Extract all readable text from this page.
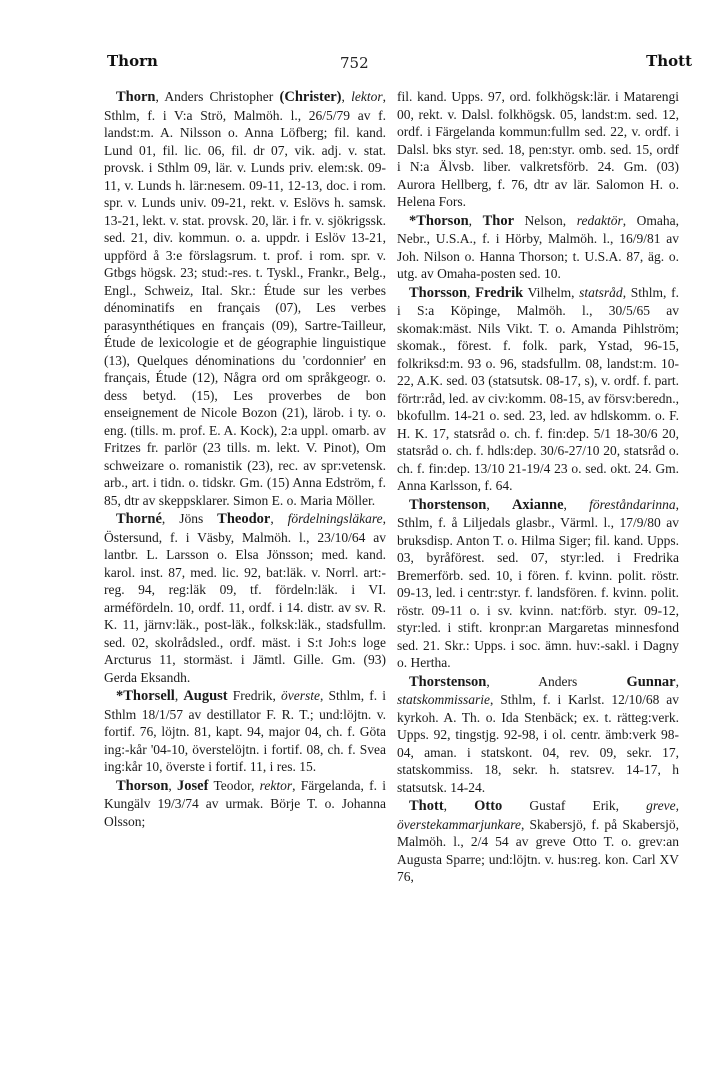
Thorn	752	Thott

Thorn, Anders Christopher (Christer), lektor, Sthlm, f. i V:a Strö, Malmöh. l., 26/5/79 av f. landst:m. A. Nilsson o. Anna Löfberg; fil. kand. Lund 01, fil. lic. 06, fil. dr 07, vik. adj. v. stat. provsk. i Sthlm 09, lär. v. Lunds priv. elem:sk. 09-11, v. Lunds h. lär:nesem. 09-11, 12-13, doc. i rom. spr. v. Lunds univ. 09-21, rekt. v. Eslövs h. samsk. 13-21, lekt. v. stat. provsk. 20, lär. i fr. v. sjökrigssk. sed. 21, div. kommun. o. a. uppdr. i Eslöv 13-21, uppförd å 3:e förslagsrum. t. prof. i rom. spr. v. Gtbgs högsk. 23; stud:-res. t. Tyskl., Frankr., Belg., Engl., Schweiz, Ital. Skr.: Étude sur les verbes dénominatifs en français (07), Les verbes parasynthétiques en français (09), Sartre-Tailleur, Étude de lexicologie et de géographie linguistique (13), Quelques dénominations du 'cordonnier' en français, Étude (12), Några ord om språkgeogr. o. dess betyd. (15), Les proverbes de bon enseignement de Nicole Bozon (21), lärob. i ty. o. eng. (tills. m. prof. E. A. Kock), 2:a uppl. omarb. av Fritzes fr. parlör (23 tills. m. lekt. V. Pinot), Om schweizare o. romanistik (23), rec. av spr:vetensk. arb., art. i tidn. o. tidskr. Gm. (15) Anna Edström, f. 85, dtr av skeppsklarer. Simon E. o. Maria Möller.

Thorné, Jöns Theodor, fördelningsläkare, Östersund, f. i Väsby, Malmöh. l., 23/10/64 av lantbr. L. Larsson o. Elsa Jönsson; med. kand. karol. inst. 87, med. lic. 92, bat:läk. v. Norrl. art:-reg. 94, reg:läk 09, tf. fördeln:läk. i VI. arméfördeln. 10, ordf. 11, ordf. i 14. distr. av sv. R. K. 11, järnv:läk., post-läk., folksk:läk., stadsfullm. sed. 02, skolrådsled., ordf. mäst. i S:t Joh:s loge Arcturus 11, stormäst. i Jämtl. Gille. Gm. (93) Gerda Eksandh.

*Thorsell, August Fredrik, överste, Sthlm, f. i Sthlm 18/1/57 av destillator F. R. T.; und:löjtn. v. fortif. 76, löjtn. 81, kapt. 94, major 04, ch. f. Göta ing:-kår '04-10, överstelöjtn. i fortif. 08, ch. f. Svea ing:kår 10, överste i fortif. 11, i res. 15.

Thorson, Josef Teodor, rektor, Färgelanda, f. i Kungälv 19/3/74 av urmak. Börje T. o. Johanna Olsson;

fil. kand. Upps. 97, ord. folkhögsk:lär. i Matarengi 00, rekt. v. Dalsl. folkhögsk. 05, landst:m. sed. 12, ordf. i Färgelanda kommun:fullm sed. 22, v. ordf. i Dalsl. bks styr. sed. 18, pen:styr. omb. sed. 15, ordf i N:a Älvsb. liber. valkretsförb. 24. Gm. (03) Aurora Hellberg, f. 76, dtr av lär. Salomon H. o. Helena Fors.

*Thorson, Thor Nelson, redaktör, Omaha, Nebr., U.S.A., f. i Hörby, Malmöh. l., 16/9/81 av Joh. Nilson o. Hanna Thorson; t. U.S.A. 87, äg. o. utg. av Omaha-posten sed. 10.

Thorsson, Fredrik Vilhelm, statsråd, Sthlm, f. i S:a Köpinge, Malmöh. l., 30/5/65 av skomak:mäst. Nils Vikt. T. o. Amanda Pihlström; skomak., förest. f. folk. park, Ystad, 96-15, folkriksd:m. 93 o. 96, stadsfullm. 08, landst:m. 10-22, A.K. sed. 03 (statsutsk. 08-17, s), v. ordf. f. part. förtr:råd, led. av civ:komm. 08-15, av försv:beredn., bkofullm. 14-21 o. sed. 23, led. av hdlskomm. o. F. H. K. 17, statsråd o. ch. f. fin:dep. 5/1 18-30/6 20, statsråd o. ch. f. hdls:dep. 30/6-27/10 20, statsråd o. ch. f. fin:dep. 13/10 21-19/4 23 o. sed. okt. 24. Gm. Anna Karlsson, f. 64.

Thorstenson, Axianne, föreståndarinna, Sthlm, f. å Liljedals glasbr., Värml. l., 17/9/80 av bruksdisp. Anton T. o. Hilma Siger; fil. kand. Upps. 03, byråförest. sed. 07, styr:led. i Fredrika Bremerförb. sed. 10, i fören. f. kvinn. polit. röstr. 09-13, led. i centr:styr. f. landsfören. f. kvinn. polit. röstr. 09-11 o. i sv. kvinn. nat:förb. styr. 09-12, styr:led. i stift. kronpr:an Margaretas minnesfond sed. 21. Skr.: Upps. i soc. ämn. huv:-sakl. i Dagny o. Hertha.

Thorstenson, Anders Gunnar, statskommissarie, Sthlm, f. i Karlst. 12/10/68 av kyrkoh. A. Th. o. Ida Stenbäck; ex. t. rätteg:verk. Upps. 92, tingstjg. 92-98, i ol. centr. ämb:verk 98-04, aman. i statskont. 04, rev. 09, sekr. 17, statskommiss. 18, sekr. h. statsrev. 14-17, h statsutsk. 14-24.

Thott, Otto Gustaf Erik, greve, överstekammarjunkare, Skabersjö, f. på Skabersjö, Malmöh. l., 2/4 54 av greve Otto T. o. grev:an Augusta Sparre; und:löjtn. v. hus:reg. kon. Carl XV 76,
